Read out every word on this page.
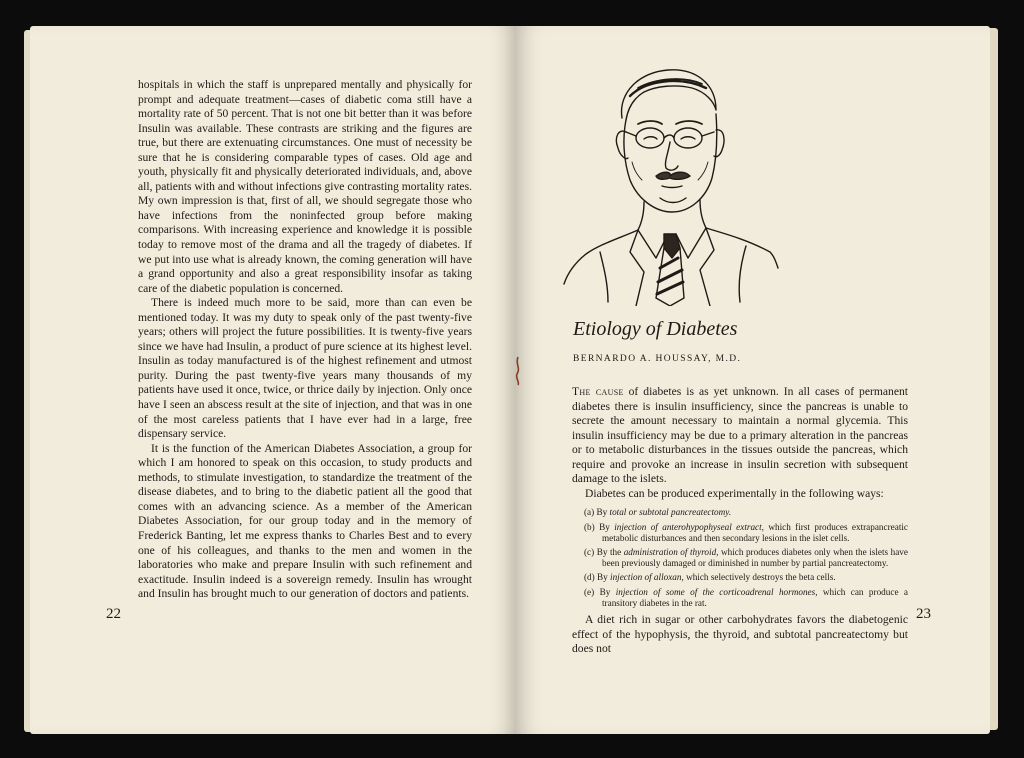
hospitals in which the staff is unprepared mentally and physically for prompt and adequate treatment—cases of diabetic coma still have a mortality rate of 50 percent. That is not one bit better than it was before Insulin was available. These contrasts are striking and the figures are true, but there are extenuating circumstances. One must of necessity be sure that he is considering comparable types of cases. Old age and youth, physically fit and physically deteriorated individuals, and, above all, patients with and without infections give contrasting mortality rates. My own impression is that, first of all, we should segregate those who have infections from the noninfected group before making comparisons. With increasing experience and knowledge it is possible today to remove most of the drama and all the tragedy of diabetes. If we put into use what is already known, the coming generation will have a grand opportunity and also a great responsibility insofar as taking care of the diabetic population is concerned.

There is indeed much more to be said, more than can even be mentioned today. It was my duty to speak only of the past twenty-five years; others will project the future possibilities. It is twenty-five years since we have had Insulin, a product of pure science at its highest level. Insulin as today manufactured is of the highest refinement and utmost purity. During the past twenty-five years many thousands of my patients have used it once, twice, or thrice daily by injection. Only once have I seen an abscess result at the site of injection, and that was in one of the most careless patients that I have ever had in a large, free dispensary service.

It is the function of the American Diabetes Association, a group for which I am honored to speak on this occasion, to study products and methods, to stimulate investigation, to standardize the treatment of the disease diabetes, and to bring to the diabetic patient all the good that comes with an advancing science. As a member of the American Diabetes Association, for our group today and in the memory of Frederick Banting, let me express thanks to Charles Best and to every one of his colleagues, and thanks to the men and women in the laboratories who make and prepare Insulin with such refinement and exactitude. Insulin indeed is a sovereign remedy. Insulin has wrought and Insulin has brought much to our generation of doctors and patients.

22
Etiology of Diabetes
BERNARDO A. HOUSSAY, M.D.

The cause of diabetes is as yet unknown. In all cases of permanent diabetes there is insulin insufficiency, since the pancreas is unable to secrete the amount necessary to maintain a normal glycemia. This insulin insufficiency may be due to a primary alteration in the pancreas or to metabolic disturbances in the tissues outside the pancreas, which require and provoke an increase in insulin secretion with subsequent damage to the islets.

Diabetes can be produced experimentally in the following ways:

(a) By total or subtotal pancreatectomy.
(b) By injection of anterohypophyseal extract, which first produces extrapancreatic metabolic disturbances and then secondary lesions in the islet cells.
(c) By the administration of thyroid, which produces diabetes only when the islets have been previously damaged or diminished in number by partial pancreatectomy.
(d) By injection of alloxan, which selectively destroys the beta cells.
(e) By injection of some of the corticoadrenal hormones, which can produce a transitory diabetes in the rat.

A diet rich in sugar or other carbohydrates favors the diabetogenic effect of the hypophysis, the thyroid, and subtotal pancreatectomy but does not

23
